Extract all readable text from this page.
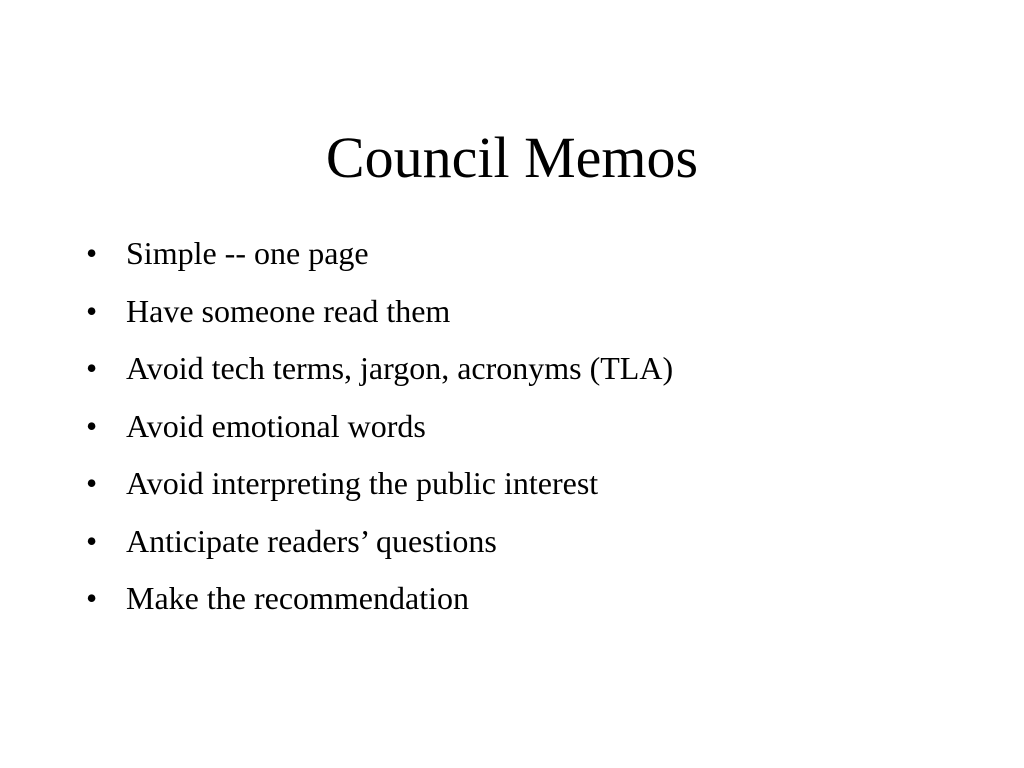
Council Memos
• Simple -- one page
• Have someone read them
• Avoid tech terms, jargon, acronyms (TLA)
• Avoid emotional words
• Avoid interpreting the public interest
• Anticipate readers’ questions
• Make the recommendation
